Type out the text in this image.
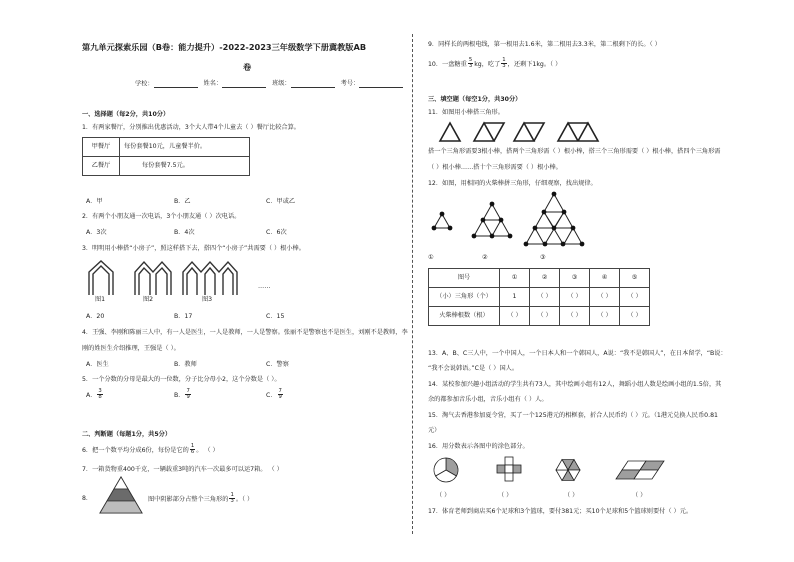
第九单元探索乐园（B卷：能力提升）-2022-2023三年级数学下册冀教版AB
卷
学校：	姓名：	班级：	考号：
一、选择题（每2分，共10分）
1．有两家餐厅，分别推出优惠活动，3个大人带4个儿童去（ ）餐厅比较合算。
甲餐厅	每份套餐10元，儿童餐半价。
乙餐厅	每份套餐7.5元。
A．甲	B．乙	C．甲或乙
2．有两个小朋友通一次电话，3个小朋友通（ ）次电话。
A．3次	B．4次	C．6次
3．明明用小棒搭“小房子”，照这样搭下去，搭四个“小房子”共需要（ ）根小棒。
……
图1	图2	图3
A．20	B．17	C．15
4．王强、李刚和陈丽三人中，有一人是医生，一人是教师，一人是警察。张丽不是警察也不是医生，刘刚不是教师，李
刚的姓医生介绍推理，王强是（ ）。
A．医生	B．教师	C．警察
5．一个分数的分母是最大的一位数，分子比分母小2，这个分数是（ ）。
A． $\frac{3}{8}$	B． $\frac{7}{9}$	C． $\frac{7}{9}$
二、判断题（每题1分，共5分）
6．把一个数平均分成6份，每份是它的 $\frac{1}{6}$ 。 （ ）
7．一箱货物重400千克，一辆载重3吨的汽车一次最多可以运7箱。 （ ）
8．	图中阴影部分占整个三角形的 $\frac{1}{3}$ 。（ ）
9．同样长的两根电线，第一根用去1.6米，第二根用去3.3米，第二根剩下的长。（ ）
10．一盘糖重 $\frac{5}{3}$ kg，吃了 $\frac{1}{3}$ ，还剩下1kg。（ ）
三、填空题（每空1分，共30分）
11．如图用小棒搭三角形。
搭一个三角形需要3根小棒，搭两个三角形需（ ）根小棒，搭三个三角形需要（ ）根小棒，搭四个三角形需
（ ）根小棒……搭十个三角形需要（ ）根小棒。
12．如图，用相同的火柴棒拼三角形，仔细观察，找出规律。
①	②	③
图号	①	②	③	④	⑤
（小）三角形（个）	1	（ ）	（ ）	（ ）	（ ）
火柴棒根数（根）	（ ）	（ ）	（ ）	（ ）	（ ）
13．A、B、C三人中，一个中国人，一个日本人和一个韩国人，A说：“我不是韩国人”，在日本留学，“B说：
“我不会说韩语。”C是（ ）国人。
14．某校参加兴趣小组活动的学生共有73人，其中绘画小组有12人，舞蹈小组人数是绘画小组的1.5倍，其
余的都参加音乐小组，音乐小组有（ ）人。
15．淘气去香港参加夏令营，买了一个125港元的相框套，折合人民币约（ ）元。（1港元兑换人民币0.81
元）
16．用分数表示各图中的涂色部分。
（ ）	（ ）	（ ）	（ ）
17．体育老师到商店买6个足球和3个篮球，要付381元；买10个足球和5个篮球则要付（ ）元。
